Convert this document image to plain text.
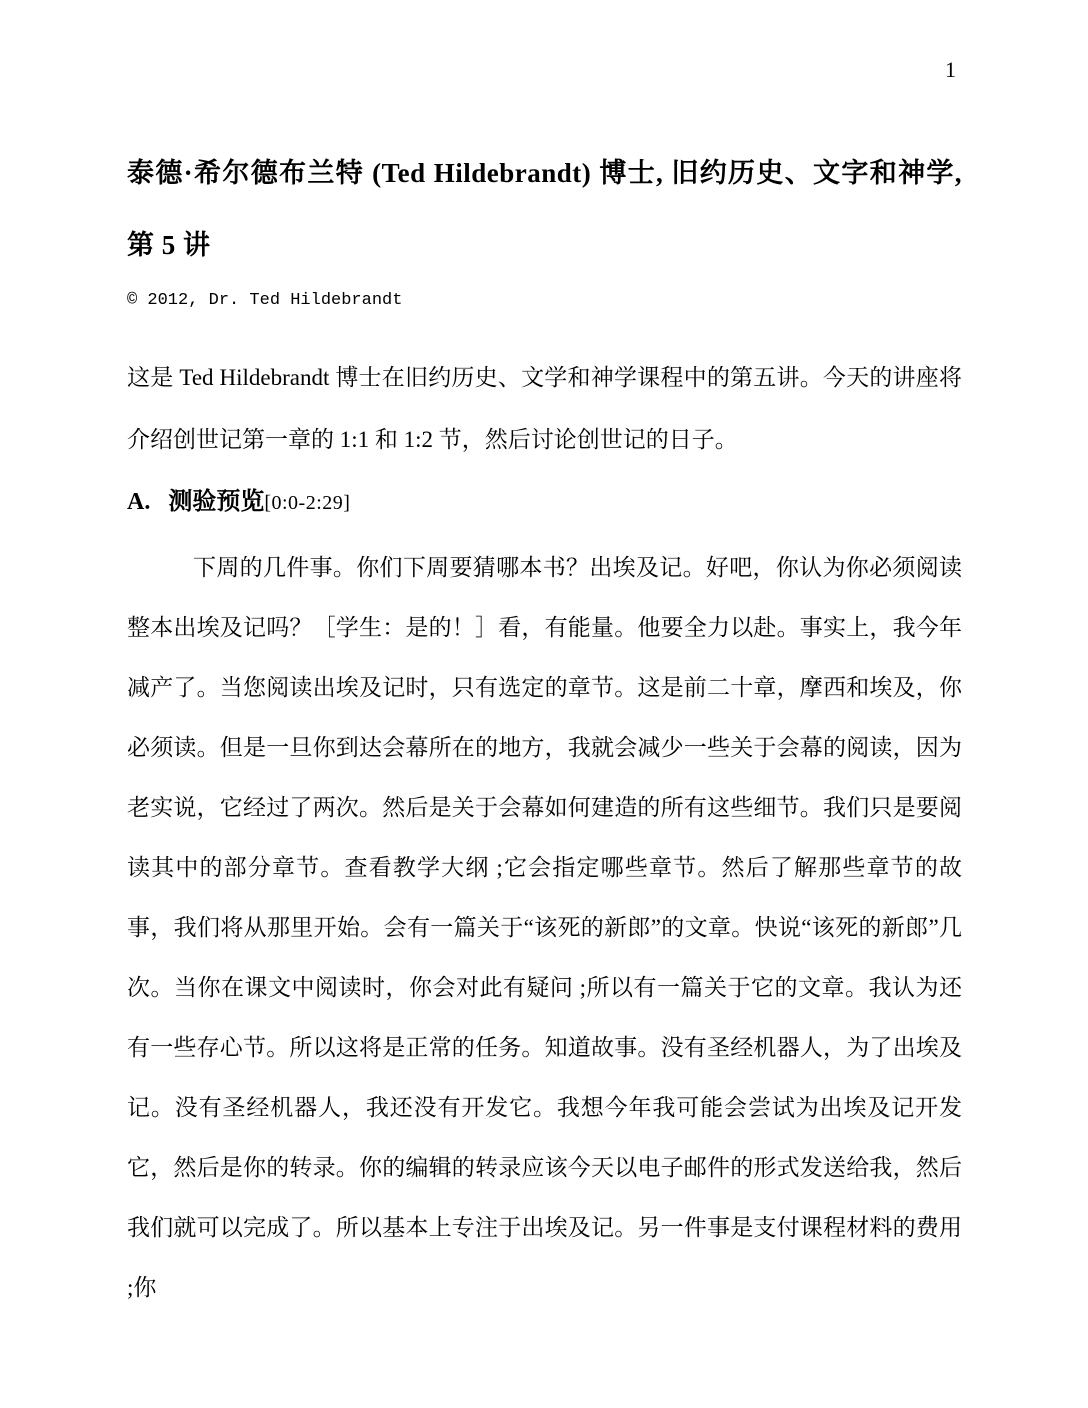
1
泰德·希尔德布兰特 (Ted Hildebrandt) 博士, 旧约历史、文字和神学, 第 5 讲
© 2012, Dr. Ted Hildebrandt

这是 Ted Hildebrandt 博士在旧约历史、文学和神学课程中的第五讲。今天的讲座将介绍创世记第一章的 1:1 和 1:2 节，然后讨论创世记的日子。

A. 测验预览[0:0-2:29]

下周的几件事。你们下周要猜哪本书？出埃及记。好吧，你认为你必须阅读整本出埃及记吗？［学生：是的！］看，有能量。他要全力以赴。事实上，我今年减产了。当您阅读出埃及记时，只有选定的章节。这是前二十章，摩西和埃及，你必须读。但是一旦你到达会幕所在的地方，我就会减少一些关于会幕的阅读，因为老实说，它经过了两次。然后是关于会幕如何建造的所有这些细节。我们只是要阅读其中的部分章节。查看教学大纲 ;它会指定哪些章节。然后了解那些章节的故事，我们将从那里开始。会有一篇关于“该死的新郎”的文章。快说“该死的新郎”几次。当你在课文中阅读时，你会对此有疑问 ;所以有一篇关于它的文章。我认为还有一些存心节。所以这将是正常的任务。知道故事。没有圣经机器人，为了出埃及记。没有圣经机器人，我还没有开发它。我想今年我可能会尝试为出埃及记开发它，然后是你的转录。你的编辑的转录应该今天以电子邮件的形式发送给我，然后我们就可以完成了。所以基本上专注于出埃及记。另一件事是支付课程材料的费用 ;你
